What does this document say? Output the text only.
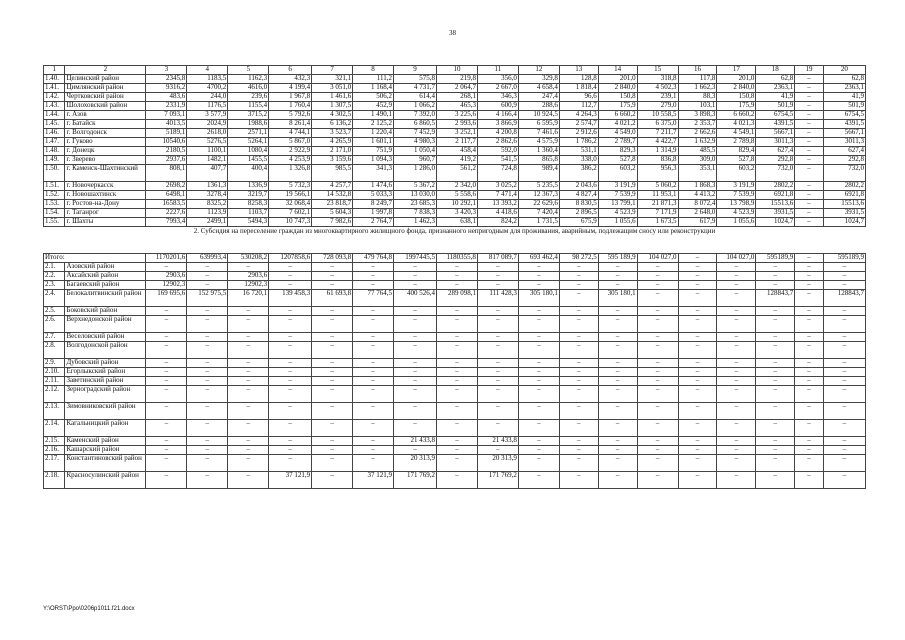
38
1	2	3	4	5	6	7	8	9	10	11	12	13	14	15	16	17	18	19	20
1.40.	Целинский район	2345,8	1183,5	1162,3	432,3	321,1	111,2	575,8	219,8	356,0	329,8	128,8	201,0	318,8	117,8	201,0	62,8	–	62,8
1.41.	Цимлянский район	9316,2	4700,2	4616,0	4 199,4	3 051,0	1 168,4	4 731,7	2 064,7	2 667,0	4 658,4	1 818,4	2 840,0	4 502,3	1 662,3	2 840,0	2363,1	–	2363,1
1.42.	Чертковский район	483,6	244,0	239,6	1 967,8	1 461,6	506,2	614,4	268,1	346,3	247,4	96,6	150,8	239,1	88,3	150,8	41,9	–	41,9
1.43.	Шолоховский район	2331,9	1176,5	1155,4	1 760,4	1 307,5	452,9	1 066,2	465,3	600,9	288,6	112,7	175,9	279,0	103,1	175,9	501,9	–	501,9
1.44.	г. Азов	7 093,1	3 577,9	3715,2	5 792,6	4 302,5	1 490,1	7 392,0	3 225,6	4 166,4	10 924,5	4 264,3	6 660,2	10 558,5	3 898,3	6 660,2	6754,5	–	6754,5
1.45.	г. Батайск	4013,5	2024,9	1988,6	8 261,4	6 136,2	2 125,2	6 860,5	2 993,6	3 866,9	6 595,9	2 574,7	4 021,2	6 375,0	2 353,7	4 021,3	4391,5	–	4391,5
1.46.	г. Волгодонск	5189,1	2618,0	2571,1	4 744,1	3 523,7	1 220,4	7 452,9	3 252,1	4 200,8	7 461,6	2 912,6	4 549,0	7 211,7	2 662,6	4 549,1	5667,1	–	5667,1
1.47.	г. Гуково	10540,6	5276,5	5264,1	5 867,0	4 265,9	1 601,1	4 980,3	2 117,7	2 862,6	4 575,9	1 786,2	2 789,7	4 422,7	1 632,9	2 789,8	3011,3	–	3011,3
1.48.	г. Донецк	2180,5	1100,1	1080,4	2 922,9	2 171,0	751,9	1 050,4	458,4	592,0	1 360,4	531,1	829,3	1 314,9	485,5	829,4	627,4	–	627,4
1.49.	г. Зверево	2937,6	1482,1	1455,5	4 253,9	3 159,6	1 094,3	960,7	419,2	541,5	865,8	338,0	527,8	836,8	309,0	527,8	292,8	–	292,8
1.50.	г. Каменск-Шахтинский	808,1	407,7	400,4	1 326,8	985,5	341,3	1 286,0	561,2	724,8	989,4	386,2	603,2	956,3	353,1	603,2	732,0	–	732,0
1.51.	г. Новочеркасск	2698,2	1361,3	1336,9	5 732,3	4 257,7	1 474,6	5 367,2	2 342,0	3 025,2	5 235,5	2 043,6	3 191,9	5 060,2	1 868,3	3 191,9	2802,2	–	2802,2
1.52.	г. Новошахтинск	6498,1	3278,4	3219,7	19 566,1	14 532,8	5 033,3	13 030,0	5 558,6	7 471,4	12 367,3	4 827,4	7 539,9	11 953,1	4 413,2	7 539,9	6921,8	–	6921,8
1.53.	г. Ростов-на-Дону	16583,5	8325,2	8258,3	32 068,4	23 818,7	8 249,7	23 685,3	10 292,1	13 393,2	22 629,6	8 830,5	13 799,1	21 871,3	8 072,4	13 798,9	15513,6	–	15513,6
1.54.	г. Таганрог	2227,6	1123,9	1103,7	7 602,1	5 604,3	1 997,8	7 838,3	3 420,3	4 418,6	7 420,4	2 896,5	4 523,9	7 171,9	2 648,0	4 523,9	3931,5	–	3931,5
1.55.	г. Шахты	7993,4	2499,1	5494,3	10 747,3	7 982,6	2 764,7	1 462,3	638,1	824,2	1 731,5	675,9	1 055,6	1 673,5	617,9	1 055,6	1024,7	–	1024,7
2. Субсидия на переселение граждан из многоквартирного жилищного фонда, признанного непригодным для проживания, аварийным, подлежащим сносу или реконструкции																			
Итого:		1170201,6	639993,4	530208,2	1207858,6	728 093,8	479 764,8	1997445,5	1180355,8	817 089,7	693 462,4	98 272,5	595 189,9	104 027,0	–	104 027,0	595189,9	–	595189,9
2.1.	Азовский район	–	–	–	–	–	–	–	–	–	–	–	–	–	–	–	–	–	–
2.2.	Аксайский район	2903,6	–	2903,6	–	–	–	–	–	–	–	–	–	–	–	–	–	–	–
2.3.	Багаевский район	12902,3	–	12902,3	–	–	–	–	–	–	–	–	–	–	–	–	–	–	–
2.4.	Белокалитвинский район	169 695,6	152 975,5	16 720,1	139 458,3	61 693,8	77 764,5	400 526,4	289 098,1	111 428,3	305 180,1	–	305 180,1	–	–	–	128843,7	–	128843,7
2.5.	Боковский район	–	–	–	–	–	–	–	–	–	–	–	–	–	–	–	–	–	–
2.6.	Верхнедонской район	–	–	–	–	–	–	–	–	–	–	–	–	–	–	–	–	–	–
2.7.	Веселовский район	–	–	–	–	–	–	–	–	–	–	–	–	–	–	–	–	–	–
2.8.	Волгодонской район	–	–	–	–	–	–	–	–	–	–	–	–	–	–	–	–	–	–
2.9.	Дубовский район	–	–	–	–	–	–	–	–	–	–	–	–	–	–	–	–	–	–
2.10.	Егорлыкский район	–	–	–	–	–	–	–	–	–	–	–	–	–	–	–	–	–	–
2.11.	Заветинский район	–	–	–	–	–	–	–	–	–	–	–	–	–	–	–	–	–	–
2.12.	Зерноградский район	–	–	–	–	–	–	–	–	–	–	–	–	–	–	–	–	–	–
2.13.	Зимовниковский район	–	–	–	–	–	–	–	–	–	–	–	–	–	–	–	–	–	–
2.14.	Кагальницкий район	–	–	–	–	–	–	–	–	–	–	–	–	–	–	–	–	–	–
2.15.	Каменский район	–	–	–	–	–	–	21 433,8	–	21 433,8	–	–	–	–	–	–	–	–	–
2.16.	Кашарский район	–	–	–	–	–	–	–	–	–	–	–	–	–	–	–	–	–	–
2.17.	Константиновский район	–	–	–	–	–	–	20 313,9	–	20 313,9	–	–	–	–	–	–	–	–	–
2.18.	Красносулинский район	–	–	–	37 121,9	–	37 121,9	171 769,2	–	171 769,2	–	–	–	–	–	–	–	–	–
Y:\ORST\Ppo\0206p1011.f21.docx
